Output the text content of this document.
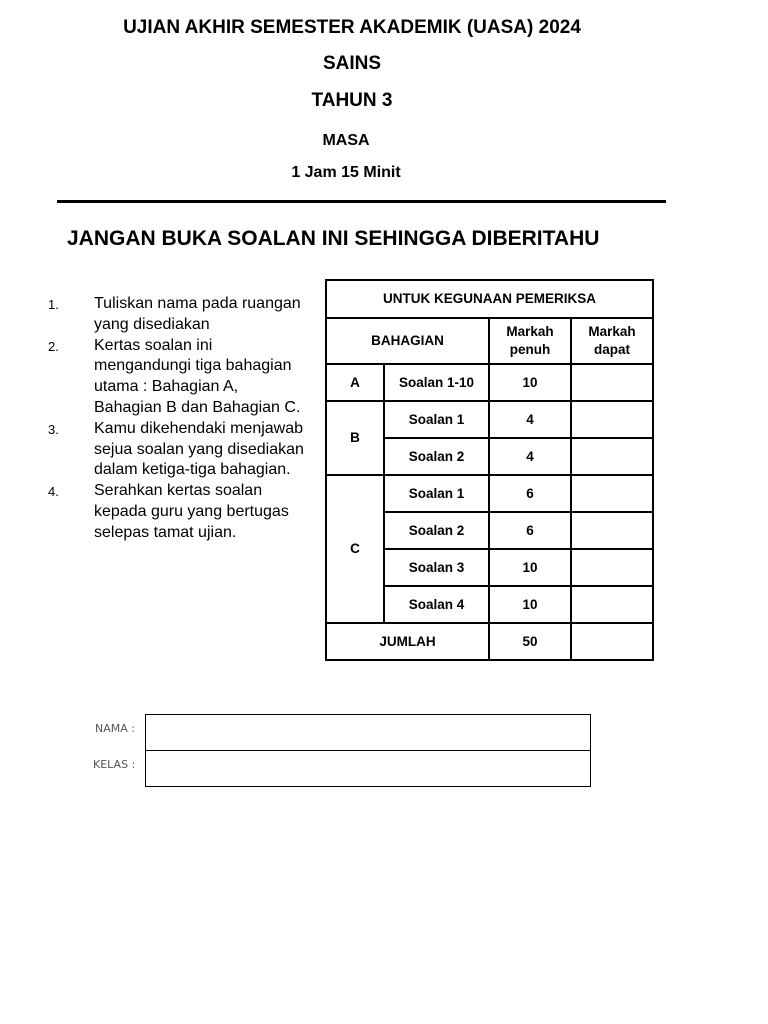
UJIAN AKHIR SEMESTER AKADEMIK (UASA) 2024
SAINS
TAHUN 3
MASA
1 Jam 15 Minit
JANGAN BUKA SOALAN INI SEHINGGA DIBERITAHU
1. Tuliskan nama pada ruangan yang disediakan
2. Kertas soalan ini mengandungi tiga bahagian utama : Bahagian A, Bahagian B dan Bahagian C.
3. Kamu dikehendaki menjawab sejua soalan yang disediakan dalam ketiga-tiga bahagian.
4. Serahkan kertas soalan kepada guru yang bertugas selepas tamat ujian.
UNTUK KEGUNAAN PEMERIKSA			
BAHAGIAN		Markah penuh	Markah dapat
A	Soalan 1-10	10	
B	Soalan 1	4	
	Soalan 2	4	
C	Soalan 1	6	
	Soalan 2	6	
	Soalan 3	10	
	Soalan 4	10	
JUMLAH		50	
NAMA :
KELAS :
